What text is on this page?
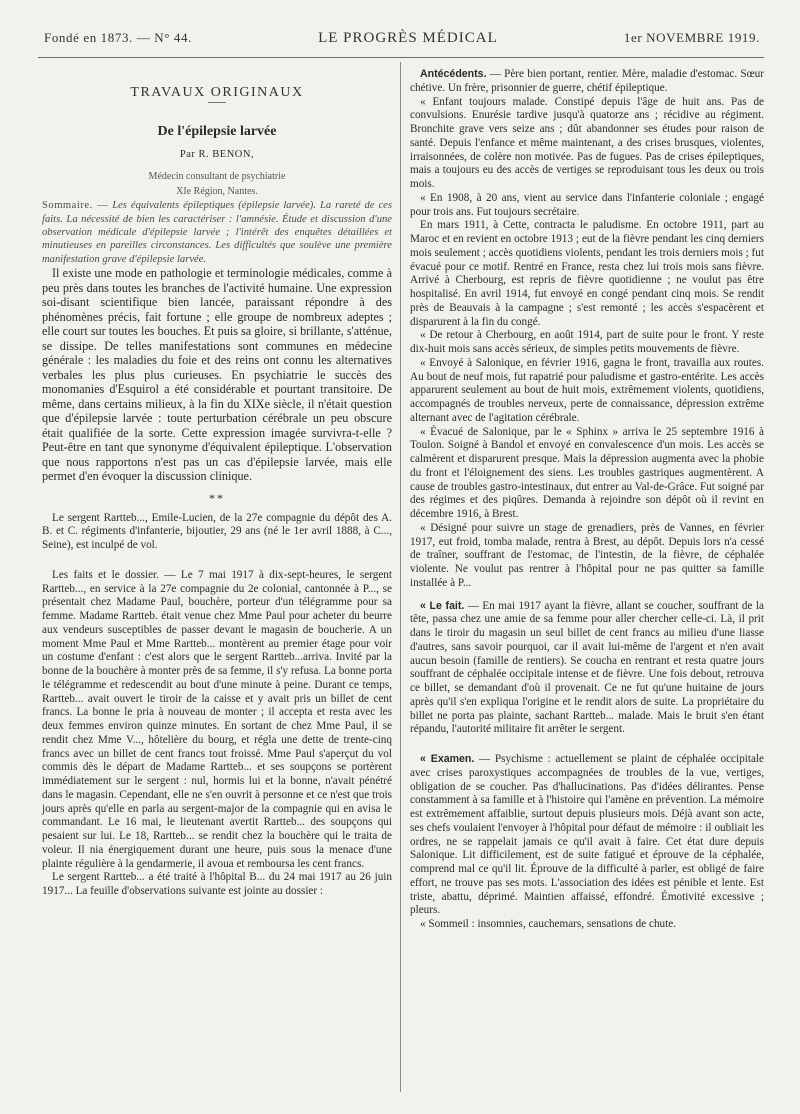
Fondé en 1873. — N° 44.	LE PROGRÈS MÉDICAL	1er NOVEMBRE 1919.
TRAVAUX ORIGINAUX
De l'épilepsie larvée
Par R. BENON,
Médecin consultant de psychiatrie
XIe Région, Nantes.

Sommaire. — Les équivalents épileptiques (épilepsie larvée). La rareté de ces faits. La nécessité de bien les caractériser : l'amnésie. Étude et discussion d'une observation médicale d'épilepsie larvée ; l'intérêt des enquêtes détaillées et minutieuses en pareilles circonstances. Les difficultés que soulève une première manifestation grave d'épilepsie larvée.

Il existe une mode en pathologie et terminologie médicales, comme à peu près dans toutes les branches de l'activité humaine. Une expression soi-disant scientifique bien lancée, paraissant répondre à des phénomènes précis, fait fortune ; elle groupe de nombreux adeptes ; elle court sur toutes les bouches. Et puis sa gloire, si brillante, s'atténue, se dissipe. De telles manifestations sont communes en médecine générale : les maladies du foie et des reins ont connu les alternatives verbales les plus plus curieuses. En psychiatrie le succès des monomanies d'Esquirol a été considérable et pourtant transitoire. De même, dans certains milieux, à la fin du XIXe siècle, il n'était question que d'épilepsie larvée : toute perturbation cérébrale un peu obscure était qualifiée de la sorte. Cette expression imagée survivra-t-elle ? Peut-être en tant que synonyme d'équivalent épileptique. L'observation que nous rapportons n'est pas un cas d'épilepsie larvée, mais elle permet d'en évoquer la discussion clinique.

**

Le sergent Rartteb..., Emile-Lucien, de la 27e compagnie du dépôt des A. B. et C. régiments d'infanterie, bijoutier, 29 ans (né le 1er avril 1888, à C..., Seine), est inculpé de vol.

Les faits et le dossier. — Le 7 mai 1917 à dix-sept-heures, le sergent Rartteb..., en service à la 27e compagnie du 2e colonial, cantonnée à P..., se présentait chez Madame Paul, bouchère, porteur d'un télégramme pour sa femme. Madame Rartteb. était venue chez Mme Paul pour acheter du beurre aux vendeurs susceptibles de passer devant le magasin de boucherie. A un moment Mme Paul et Mme Rartteb... montèrent au premier étage pour voir un costume d'enfant : c'est alors que le sergent Rartteb...arriva. Invité par la bonne de la bouchère à monter près de sa femme, il s'y refusa. La bonne porta le télégramme et redescendit au bout d'une minute à peine. Durant ce temps, Rartteb... avait ouvert le tiroir de la caisse et y avait pris un billet de cent francs. La bonne le pria à nouveau de monter ; il accepta et resta avec les deux femmes environ quinze minutes. En sortant de chez Mme Paul, il se rendit chez Mme V..., hôtelière du bourg, et régla une dette de trente-cinq francs avec un billet de cent francs tout froissé. Mme Paul s'aperçut du vol commis dès le départ de Madame Rartteb... et ses soupçons se portèrent immédiatement sur le sergent : nul, hormis lui et la bonne, n'avait pénétré dans le magasin. Cependant, elle ne s'en ouvrit à personne et ce n'est que trois jours après qu'elle en parla au sergent-major de la compagnie qui en avisa le commandant. Le 16 mai, le lieutenant avertit Rartteb... des soupçons qui pesaient sur lui. Le 18, Rartteb... se rendit chez la bouchère qui le traita de voleur. Il nia énergiquement durant une heure, puis sous la menace d'une plainte régulière à la gendarmerie, il avoua et remboursa les cent francs.

Le sergent Rartteb... a été traité à l'hôpital B... du 24 mai 1917 au 26 juin 1917... La feuille d'observations suivante est jointe au dossier :

Antécédents. — Père bien portant, rentier. Mère, maladie d'estomac. Sœur chétive. Un frère, prisonnier de guerre, chétif épileptique.

« Enfant toujours malade. Constipé depuis l'âge de huit ans. Pas de convulsions. Enurésie tardive jusqu'à quatorze ans ; récidive au régiment. Bronchite grave vers seize ans ; dût abandonner ses études pour raison de santé. Depuis l'enfance et même maintenant, a des crises brusques, violentes, irraisonnées, de colère non motivée. Pas de fugues. Pas de crises épileptiques, mais a toujours eu des accès de vertiges se reproduisant tous les deux ou trois mois.

« En 1908, à 20 ans, vient au service dans l'infanterie coloniale ; engagé pour trois ans. Fut toujours secrétaire.

En mars 1911, à Cette, contracta le paludisme. En octobre 1911, part au Maroc et en revient en octobre 1913 ; eut de la fièvre pendant les cinq derniers mois seulement ; accès quotidiens violents, pendant les trois derniers mois ; fut évacué pour ce motif. Rentré en France, resta chez lui trois mois sans fièvre. Arrivé à Cherbourg, est repris de fièvre quotidienne ; ne voulut pas être hospitalisé. En avril 1914, fut envoyé en congé pendant cinq mois. Se rendit près de Beauvais à la campagne ; s'est remonté ; les accès s'espacèrent et disparurent à la fin du congé.

« De retour à Cherbourg, en août 1914, part de suite pour le front. Y reste dix-huit mois sans accès sérieux, de simples petits mouvements de fièvre.

« Envoyé à Salonique, en février 1916, gagna le front, travailla aux routes. Au bout de neuf mois, fut rapatrié pour paludisme et gastro-entérite. Les accès apparurent seulement au bout de huit mois, extrêmement violents, quotidiens, accompagnés de troubles nerveux, perte de connaissance, dépression extrême alternant avec de l'agitation cérébrale.

« Évacué de Salonique, par le « Sphinx » arriva le 25 septembre 1916 à Toulon. Soigné à Bandol et envoyé en convalescence d'un mois. Les accès se calmèrent et disparurent presque. Mais la dépression augmenta avec la phobie du front et l'éloignement des siens. Les troubles gastriques augmentèrent. A cause de troubles gastro-intestinaux, dut entrer au Val-de-Grâce. Fut soigné par des régimes et des piqûres. Demanda à rejoindre son dépôt où il revint en décembre 1916, à Brest.

« Désigné pour suivre un stage de grenadiers, près de Vannes, en février 1917, eut froid, tomba malade, rentra à Brest, au dépôt. Depuis lors n'a cessé de traîner, souffrant de l'estomac, de l'intestin, de la fièvre, de céphalée violente. Ne voulut pas rentrer à l'hôpital pour ne pas quitter sa famille installée à P...

« Le fait. — En mai 1917 ayant la fièvre, allant se coucher, souffrant de la tête, passa chez une amie de sa femme pour aller chercher celle-ci. Là, il prit dans le tiroir du magasin un seul billet de cent francs au milieu d'une liasse d'autres, sans savoir pourquoi, car il avait lui-même de l'argent et n'en avait aucun besoin (famille de rentiers). Se coucha en rentrant et resta quatre jours souffrant de céphalée occipitale intense et de fièvre. Une fois debout, retrouva ce billet, se demandant d'où il provenait. Ce ne fut qu'une huitaine de jours après qu'il s'en expliqua l'origine et le rendit alors de suite. La propriétaire du billet ne porta pas plainte, sachant Rartteb... malade. Mais le bruit s'en étant répandu, l'autorité militaire fit arrêter le sergent.

« Examen. — Psychisme : actuellement se plaint de céphalée occipitale avec crises paroxystiques accompagnées de troubles de la vue, vertiges, obligation de se coucher. Pas d'hallucinations. Pas d'idées délirantes. Pense constamment à sa famille et à l'histoire qui l'amène en prévention. La mémoire est extrêmement affaiblie, surtout depuis plusieurs mois. Déjà avant son acte, ses chefs voulaient l'envoyer à l'hôpital pour défaut de mémoire : il oubliait les ordres, ne se rappelait jamais ce qu'il avait à faire. Cet état dure depuis Salonique. Lit difficilement, est de suite fatigué et éprouve de la céphalée, comprend mal ce qu'il lit. Éprouve de la difficulté à parler, est obligé de faire effort, ne trouve pas ses mots. L'association des idées est pénible et lente. Est triste, abattu, déprimé. Maintien affaissé, effondré. Émotivité excessive ; pleurs.

« Sommeil : insomnies, cauchemars, sensations de chute.
